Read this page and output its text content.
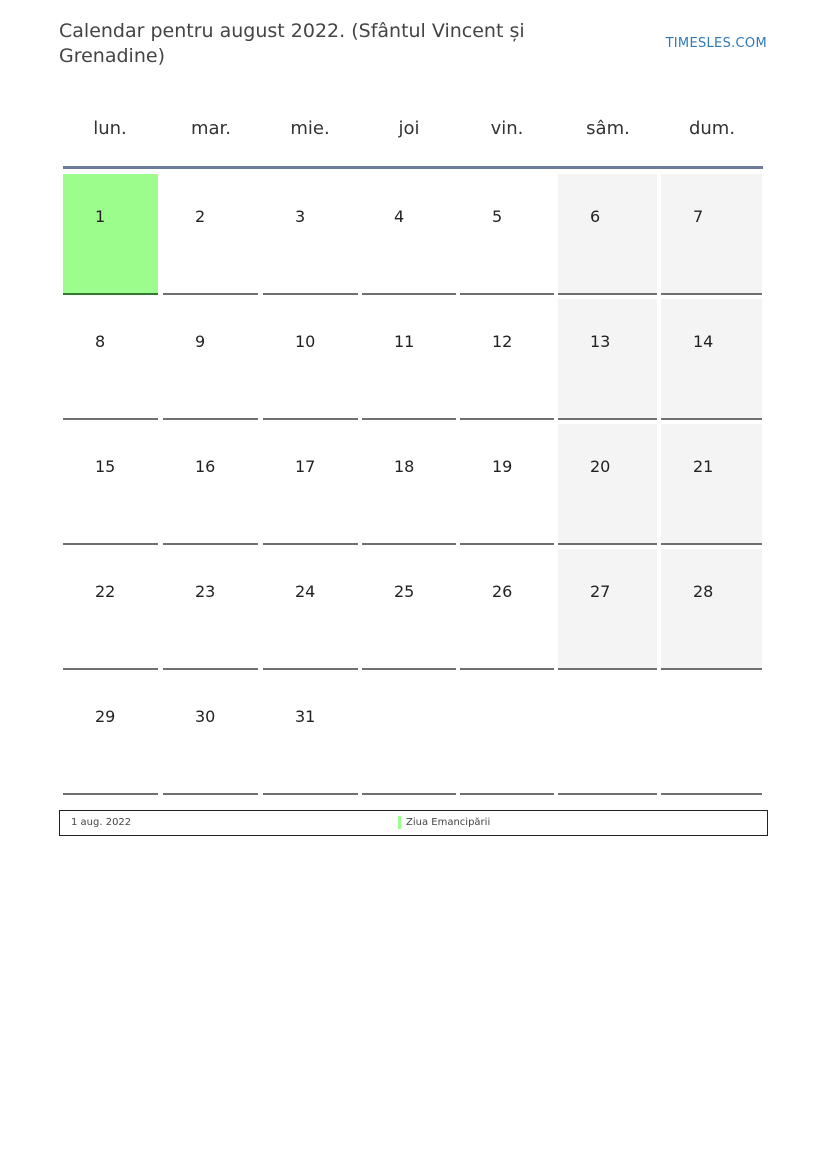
Calendar pentru august 2022. (Sfântul Vincent și Grenadine)
TIMESLES.COM
lun.	mar.	mie.	joi	vin.	sâm.	dum.
1	2	3	4	5	6	7
8	9	10	11	12	13	14
15	16	17	18	19	20	21
22	23	24	25	26	27	28
29	30	31
1 aug. 2022	Ziua Emancipării
